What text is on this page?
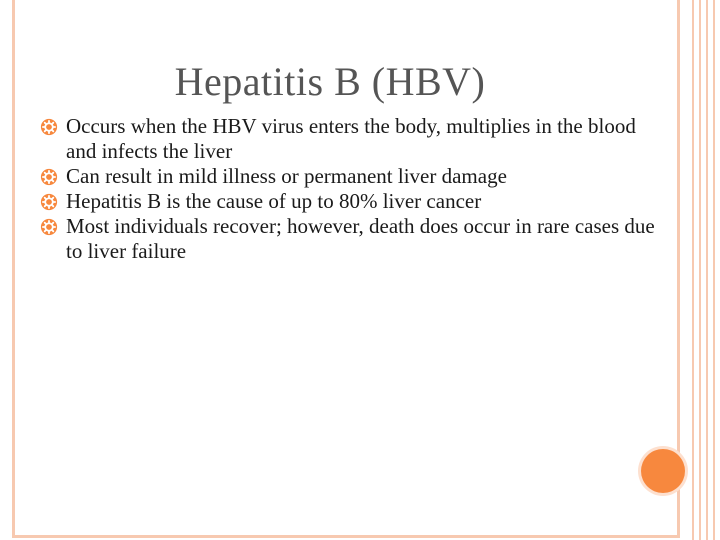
Hepatitis B (HBV)
Occurs when the HBV virus enters the body, multiplies in the blood and infects the liver
Can result in mild illness or permanent liver damage
Hepatitis B is the cause of up to 80% liver cancer
Most individuals recover; however, death does occur in rare cases due to liver failure
